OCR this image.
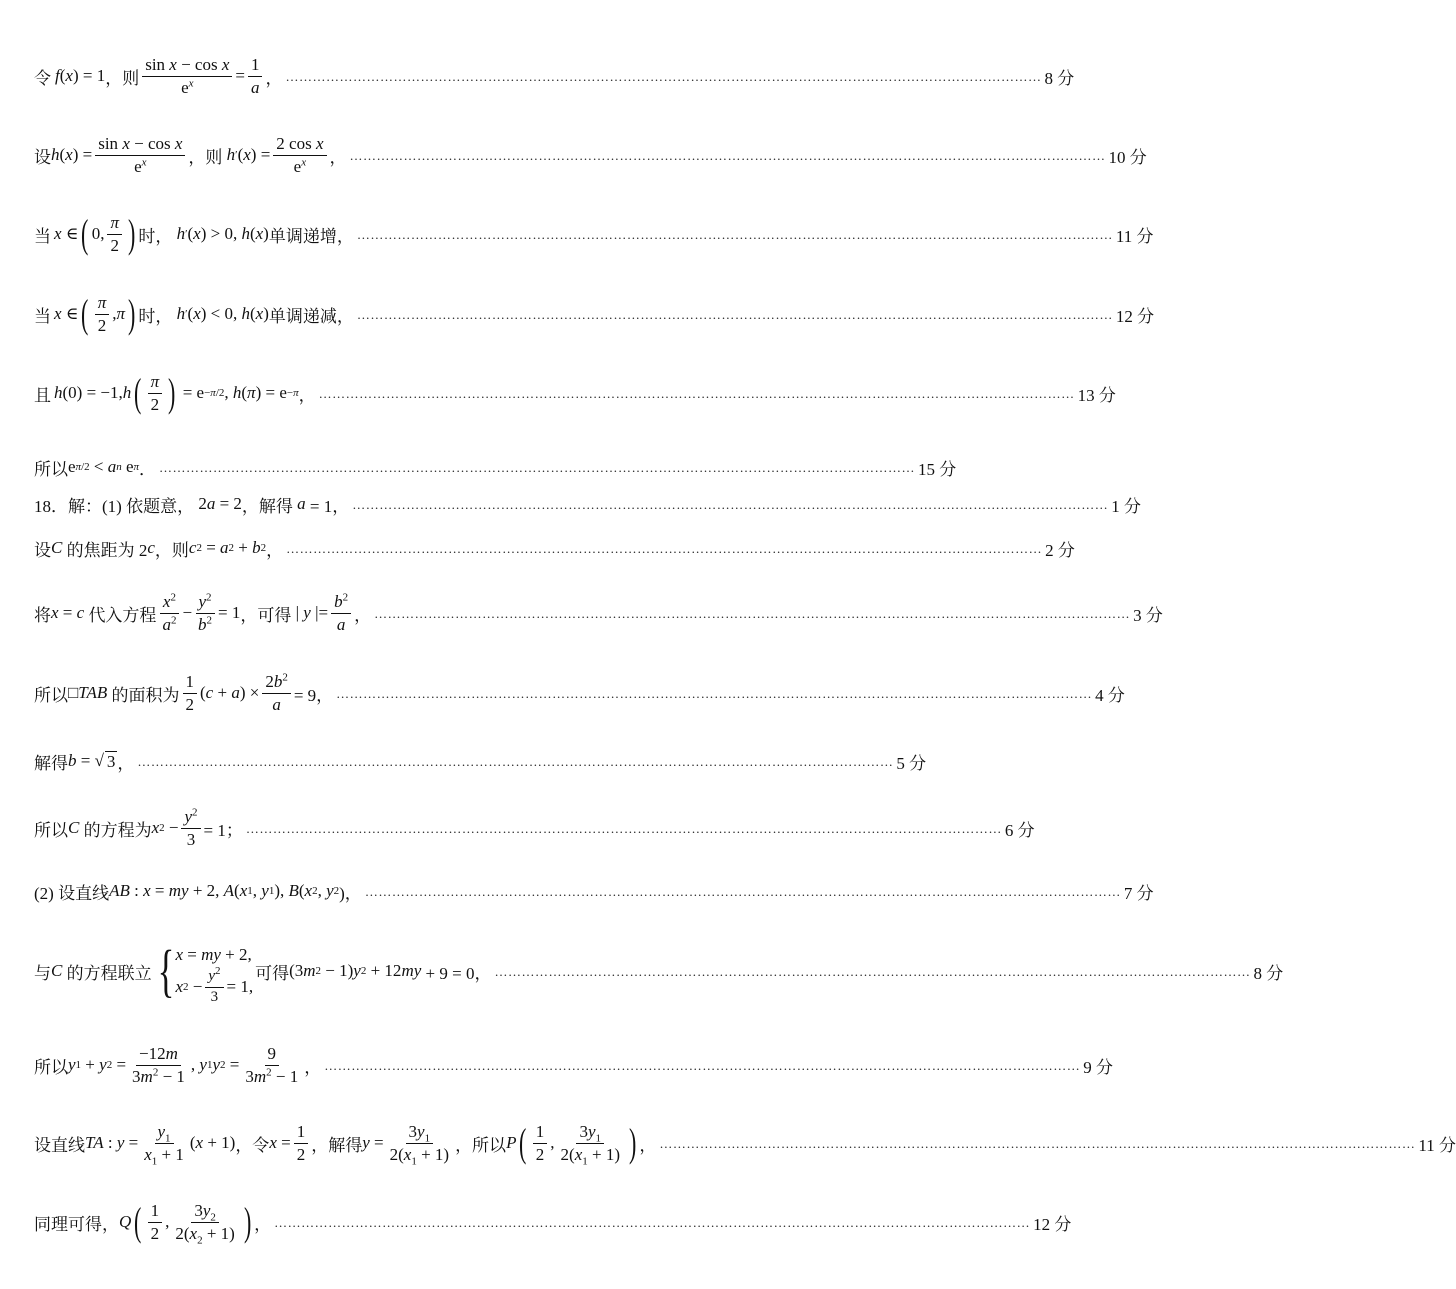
令 f ( x ) = 1 ，则 $\frac{\text{sin x − cos x}}{e^x} = \frac{1}{a}$ ， …………………………………………………………………………………………………………………………………………………… 8 分
设 h ( x ) = $\frac{\text{sin x − cos x}}{e^x}$ ，则
h ′ ( x ) = $\frac{\text{2 cos x}}{e^x}$ ， …………………………………………………………………………………………………………………………………………………… 10 分
当 x ∈ ( 0, $\frac{\pi}{2}$ ) 时，
h ′ ( x ) > 0, h ( x ) 单调递增， …………………………………………………………………………………………………………………………………………………… 11 分
当 x ∈ ( $\frac{\pi}{2}$ , π ) 时，
h ′ ( x ) < 0, h ( x ) 单调递减， …………………………………………………………………………………………………………………………………………………… 12 分
且 h (0) = −1, h ( $\frac{\pi}{2}$ ) = e −π/2 , h ( π ) = e −π ， …………………………………………………………………………………………………………………………………………………… 13 分
所以 e π/2 < a n e π ． …………………………………………………………………………………………………………………………………………………… 15 分
18．解：(1) 依题意， 2 a = 2 ，解得
a = 1， …………………………………………………………………………………………………………………………………………………… 1 分
设 C
的焦距为 2 c ，则 c 2 = a 2 + b 2 ， …………………………………………………………………………………………………………………………………………………… 2 分
将 x = c
代入方程 $\frac{x^2}{a^2} - \frac{y^2}{b^2} = 1$ ，可得 | y |= $\frac{b^2}{a}$ ， …………………………………………………………………………………………………………………………………………………… 3 分
所以 □ TAB
的面积为 $\frac{1}{2}$ ( c + a ) × $\frac{2b^2}{a} = 9$， …………………………………………………………………………………………………………………………………………………… 4 分
解得 b = √ 3 ， …………………………………………………………………………………………………………………………………………………… 5 分
所以 C
的方程为 x $2 - \frac{y^2}{3} = 1$； …………………………………………………………………………………………………………………………………………………… 6 分
(2) 设直线 AB : x = my + 2, A ( x 1 , y 1 ), B ( x 2 , y 2 )， …………………………………………………………………………………………………………………………………………………… 7 分
与 C
的方程联立 { x = my + 2,
x $2 - \frac{y^2}{3} = 1$,
可得 (3 m 2 − 1) y 2 + 12 my + 9 = 0， …………………………………………………………………………………………………………………………………………………… 8 分
所以 y 1 + y $2 = \frac{-12m}{3m^2 - 1}$ , y 1 y $2 = \frac{9}{3m^2 - 1}$ ， …………………………………………………………………………………………………………………………………………………… 9 分
设直线 TA : $y = \frac{y_1}{x_1 + 1}$ ( x + 1) ，令 $x = \frac{1}{2}$ ，解得 $y = \frac{3y_1}{2(x_1 + 1)}$ ，所以 P ( $\frac{1}{2}$ , $\frac{3y_1}{2(x_1 + 1)}$ ) ， …………………………………………………………………………………………………………………………………………………… 11 分
同理可得， Q ( $\frac{1}{2}$ , $\frac{3y_2}{2(x_2 + 1)}$ ) ， …………………………………………………………………………………………………………………………………………………… 12 分
